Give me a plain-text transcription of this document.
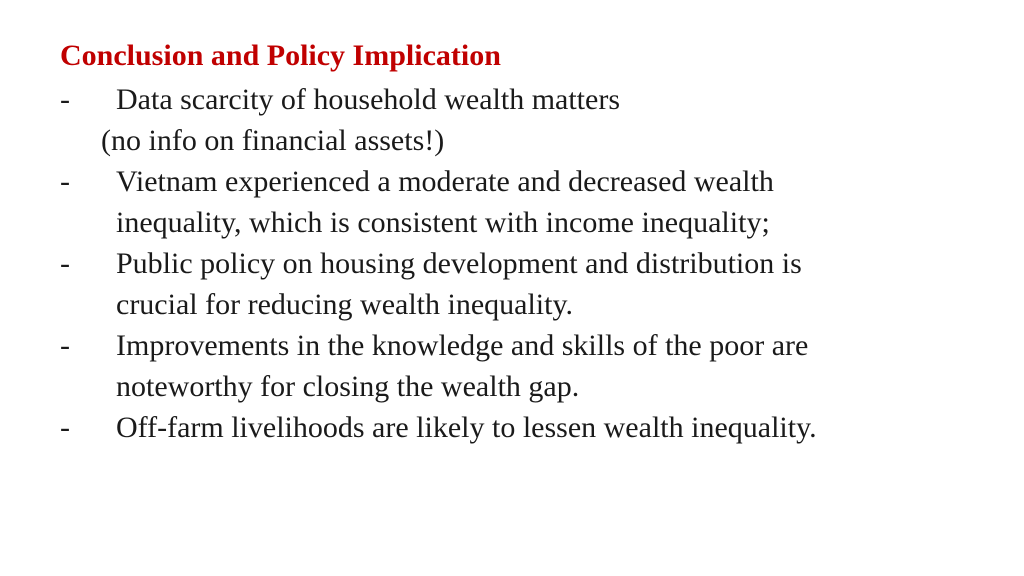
Conclusion and Policy Implication
-	Data scarcity of household wealth matters
(no info on financial assets!)
-	Vietnam experienced a moderate and decreased wealth
inequality, which is consistent with income inequality;
-	Public policy on housing development and distribution is
crucial for reducing wealth inequality.
-	Improvements in the knowledge and skills of the poor are
noteworthy for closing the wealth gap.
-	Off-farm livelihoods are likely to lessen wealth inequality.
